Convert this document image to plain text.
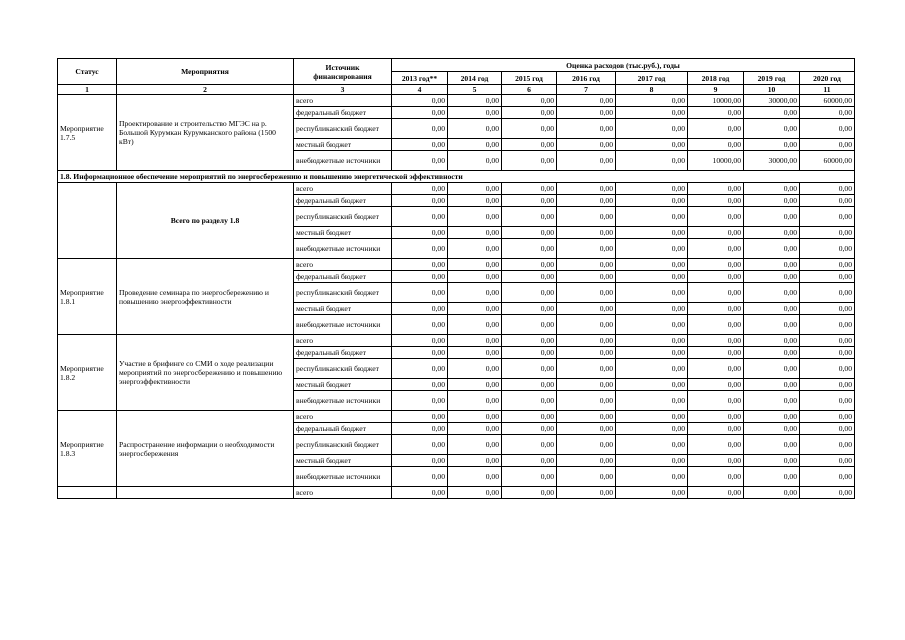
Статус	Мероприятия	Источник финансирования	Оценка расходов (тыс.руб.), годы							
			2013 год**	2014 год	2015 год	2016 год	2017 год	2018 год	2019 год	2020 год
1	2	3	4	5	6	7	8	9	10	11
Мероприятие 1.7.5	Проектирование и строительство МГЭС на р. Большой Курумкан Курумканского района (1500 кВт)	всего	0,00	0,00	0,00	0,00	0,00	10000,00	30000,00	60000,00
		федеральный бюджет	0,00	0,00	0,00	0,00	0,00	0,00	0,00	0,00
		республиканский бюджет	0,00	0,00	0,00	0,00	0,00	0,00	0,00	0,00
		местный бюджет	0,00	0,00	0,00	0,00	0,00	0,00	0,00	0,00
		внебюджетные источники	0,00	0,00	0,00	0,00	0,00	10000,00	30000,00	60000,00
1.8. Информационное обеспечение мероприятий по энергосбережению и повышению энергетической эффективности										
	Всего по разделу 1.8	всего	0,00	0,00	0,00	0,00	0,00	0,00	0,00	0,00
		федеральный бюджет	0,00	0,00	0,00	0,00	0,00	0,00	0,00	0,00
		республиканский бюджет	0,00	0,00	0,00	0,00	0,00	0,00	0,00	0,00
		местный бюджет	0,00	0,00	0,00	0,00	0,00	0,00	0,00	0,00
		внебюджетные источники	0,00	0,00	0,00	0,00	0,00	0,00	0,00	0,00
Мероприятие 1.8.1	Проведение семинара по энергосбережению и повышению энергоэффективности	всего	0,00	0,00	0,00	0,00	0,00	0,00	0,00	0,00
		федеральный бюджет	0,00	0,00	0,00	0,00	0,00	0,00	0,00	0,00
		республиканский бюджет	0,00	0,00	0,00	0,00	0,00	0,00	0,00	0,00
		местный бюджет	0,00	0,00	0,00	0,00	0,00	0,00	0,00	0,00
		внебюджетные источники	0,00	0,00	0,00	0,00	0,00	0,00	0,00	0,00
Мероприятие 1.8.2	Участие в брифинге со СМИ о ходе реализации мероприятий по энергосбережению и повышению энергоэффективности	всего	0,00	0,00	0,00	0,00	0,00	0,00	0,00	0,00
		федеральный бюджет	0,00	0,00	0,00	0,00	0,00	0,00	0,00	0,00
		республиканский бюджет	0,00	0,00	0,00	0,00	0,00	0,00	0,00	0,00
		местный бюджет	0,00	0,00	0,00	0,00	0,00	0,00	0,00	0,00
		внебюджетные источники	0,00	0,00	0,00	0,00	0,00	0,00	0,00	0,00
Мероприятие 1.8.3	Распространение информации о необходимости энергосбережения	всего	0,00	0,00	0,00	0,00	0,00	0,00	0,00	0,00
		федеральный бюджет	0,00	0,00	0,00	0,00	0,00	0,00	0,00	0,00
		республиканский бюджет	0,00	0,00	0,00	0,00	0,00	0,00	0,00	0,00
		местный бюджет	0,00	0,00	0,00	0,00	0,00	0,00	0,00	0,00
		внебюджетные источники	0,00	0,00	0,00	0,00	0,00	0,00	0,00	0,00
		всего	0,00	0,00	0,00	0,00	0,00	0,00	0,00	0,00
